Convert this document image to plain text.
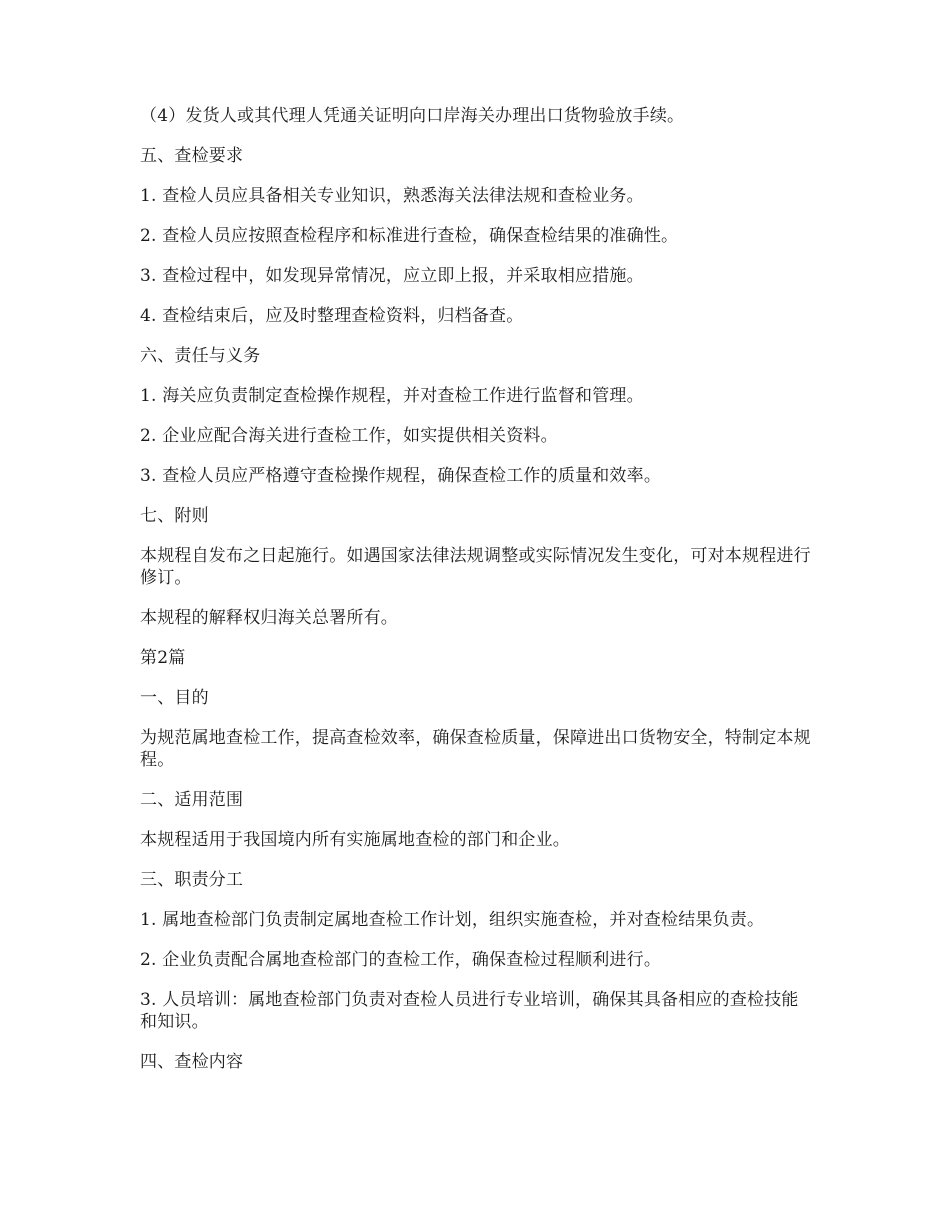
（4）发货人或其代理人凭通关证明向口岸海关办理出口货物验放手续。

五、查检要求

1. 查检人员应具备相关专业知识，熟悉海关法律法规和查检业务。

2. 查检人员应按照查检程序和标准进行查检，确保查检结果的准确性。

3. 查检过程中，如发现异常情况，应立即上报，并采取相应措施。

4. 查检结束后，应及时整理查检资料，归档备查。

六、责任与义务

1. 海关应负责制定查检操作规程，并对查检工作进行监督和管理。

2. 企业应配合海关进行查检工作，如实提供相关资料。

3. 查检人员应严格遵守查检操作规程，确保查检工作的质量和效率。

七、附则

本规程自发布之日起施行。如遇国家法律法规调整或实际情况发生变化，可对本规程进行修订。

本规程的解释权归海关总署所有。

第2篇

一、目的

为规范属地查检工作，提高查检效率，确保查检质量，保障进出口货物安全，特制定本规程。

二、适用范围

本规程适用于我国境内所有实施属地查检的部门和企业。

三、职责分工

1. 属地查检部门负责制定属地查检工作计划，组织实施查检，并对查检结果负责。

2. 企业负责配合属地查检部门的查检工作，确保查检过程顺利进行。

3. 人员培训：属地查检部门负责对查检人员进行专业培训，确保其具备相应的查检技能和知识。

四、查检内容
